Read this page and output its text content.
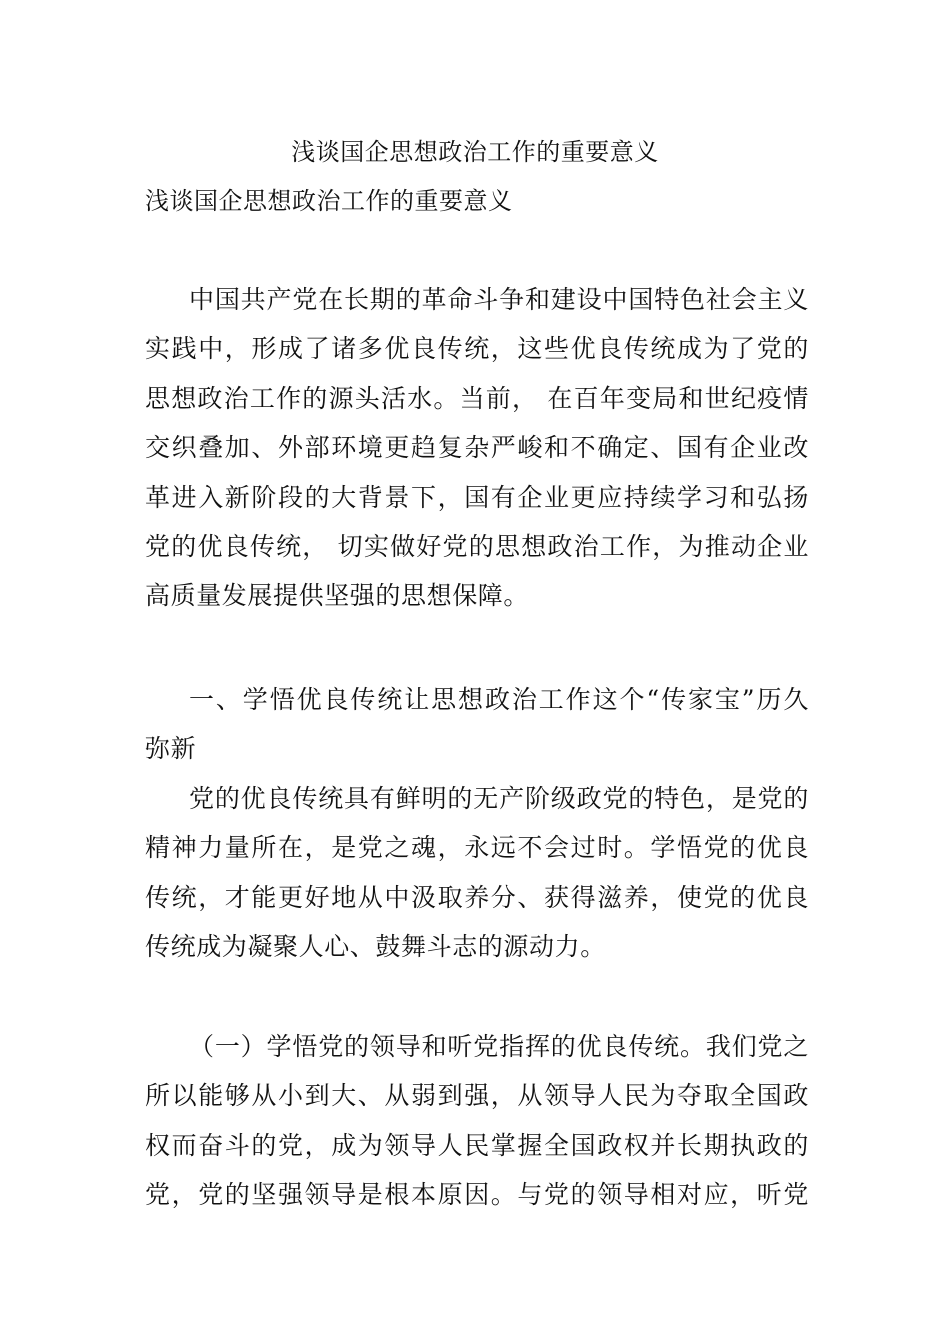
浅谈国企思想政治工作的重要意义
浅谈国企思想政治工作的重要意义
中国共产党在长期的革命斗争和建设中国特色社会主义
实践中，形成了诸多优良传统，这些优良传统成为了党的
思想政治工作的源头活水。当前， 在百年变局和世纪疫情
交织叠加、外部环境更趋复杂严峻和不确定、国有企业改
革进入新阶段的大背景下，国有企业更应持续学习和弘扬
党的优良传统， 切实做好党的思想政治工作，为推动企业
高质量发展提供坚强的思想保障。
一、学悟优良传统让思想政治工作这个“传家宝”历久
弥新
党的优良传统具有鲜明的无产阶级政党的特色，是党的
精神力量所在，是党之魂，永远不会过时。学悟党的优良
传统，才能更好地从中汲取养分、获得滋养，使党的优良
传统成为凝聚人心、鼓舞斗志的源动力。
（一）学悟党的领导和听党指挥的优良传统。我们党之
所以能够从小到大、从弱到强，从领导人民为夺取全国政
权而奋斗的党，成为领导人民掌握全国政权并长期执政的
党，党的坚强领导是根本原因。与党的领导相对应，听党
